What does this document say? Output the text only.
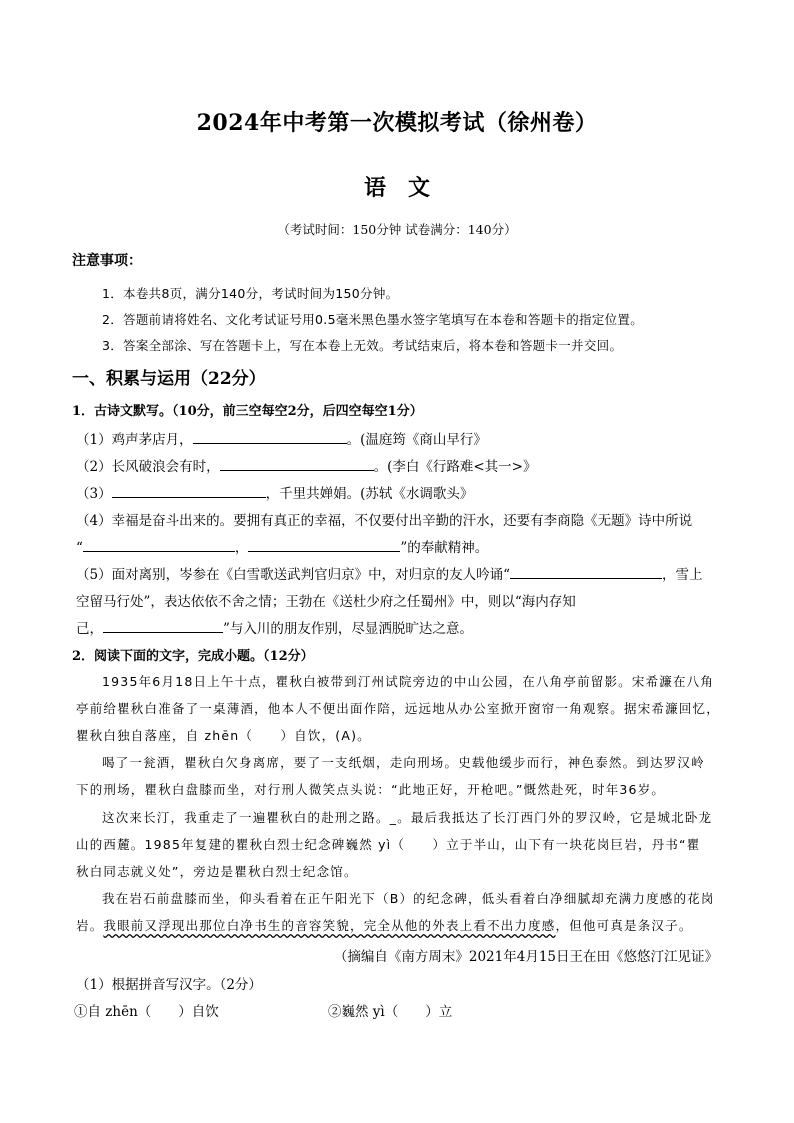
2024年中考第一次模拟考试（徐州卷）
语文
（考试时间：150分钟 试卷满分：140分）
注意事项：
1．本卷共8页，满分140分，考试时间为150分钟。
2．答题前请将姓名、文化考试证号用0.5毫米黑色墨水签字笔填写在本卷和答题卡的指定位置。
3．答案全部涂、写在答题卡上，写在本卷上无效。考试结束后，将本卷和答题卡一并交回。
一、积累与运用（22分）
1．古诗文默写。（10分，前三空每空2分，后四空每空1分）
（1）鸡声茅店月，	。(温庭筠《商山早行》
（2）长风破浪会有时，	。(李白《行路难<其一>》
（3）	，千里共婵娟。(苏轼《水调歌头》
（4）幸福是奋斗出来的。要拥有真正的幸福，不仅要付出辛勤的汗水，还要有李商隐《无题》诗中所说
“	，	”的奉献精神。
（5）面对离别，岑参在《白雪歌送武判官归京》中，对归京的友人吟诵“	，雪上
空留马行处”，表达依依不舍之情；王勃在《送杜少府之任蜀州》中，则以“海内存知
己，	”与入川的朋友作别，尽显洒脱旷达之意。
2．阅读下面的文字，完成小题。（12分）
1935年6月18日上午十点，瞿秋白被带到汀州试院旁边的中山公园，在八角亭前留影。宋希濂在八角
亭前给瞿秋白准备了一桌薄酒，他本人不便出面作陪，远远地从办公室掀开窗帘一角观察。据宋希濂回忆，
瞿秋白独自落座，自 zhēn（　　）自饮，(A)。
喝了一瓮酒，瞿秋白欠身离席，要了一支纸烟，走向刑场。史载他缓步而行，神色泰然。到达罗汉岭
下的刑场，瞿秋白盘膝而坐，对行刑人微笑点头说：“此地正好，开枪吧。”慨然赴死，时年36岁。
这次来长汀，我重走了一遍瞿秋白的赴刑之路。_。最后我抵达了长汀西门外的罗汉岭，它是城北卧龙
山的西麓。1985年复建的瞿秋白烈士纪念碑巍然 yì（　　）立于半山，山下有一块花岗巨岩，丹书“瞿
秋白同志就义处”，旁边是瞿秋白烈士纪念馆。
我在岩石前盘膝而坐，仰头看着在正午阳光下（B）的纪念碑，低头看着白净细腻却充满力度感的花岗
岩。我眼前又浮现出那位白净书生的音容笑貌，完全从他的外表上看不出力度感，但他可真是条汉子。
（摘编自《南方周末》2021年4月15日王在田《悠悠汀江见证》
（1）根据拼音写汉字。（2分）
①自 zhēn（　　）自饮	②巍然 yì（　　）立
